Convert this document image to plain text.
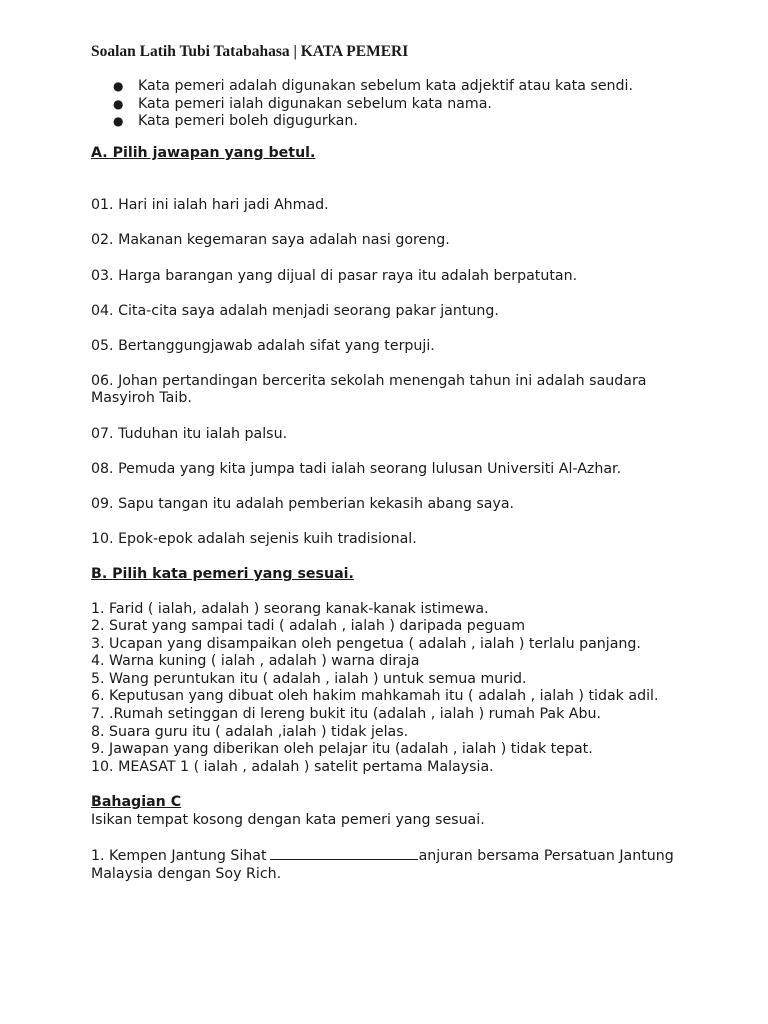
Soalan Latih Tubi Tatabahasa | KATA PEMERI
● Kata pemeri adalah digunakan sebelum kata adjektif atau kata sendi.
● Kata pemeri ialah digunakan sebelum kata nama.
● Kata pemeri boleh digugurkan.
A. Pilih jawapan yang betul.
01. Hari ini ialah hari jadi Ahmad.
02. Makanan kegemaran saya adalah nasi goreng.
03. Harga barangan yang dijual di pasar raya itu adalah berpatutan.
04. Cita-cita saya adalah menjadi seorang pakar jantung.
05. Bertanggungjawab adalah sifat yang terpuji.
06. Johan pertandingan bercerita sekolah menengah tahun ini adalah saudara Masyiroh Taib.
07. Tuduhan itu ialah palsu.
08. Pemuda yang kita jumpa tadi ialah seorang lulusan Universiti Al-Azhar.
09. Sapu tangan itu adalah pemberian kekasih abang saya.
10. Epok-epok adalah sejenis kuih tradisional.
B. Pilih kata pemeri yang sesuai.
1. Farid ( ialah, adalah ) seorang kanak-kanak istimewa.
2. Surat yang sampai tadi ( adalah , ialah ) daripada peguam
3. Ucapan yang disampaikan oleh pengetua ( adalah , ialah ) terlalu panjang.
4. Warna kuning ( ialah , adalah ) warna diraja
5. Wang peruntukan itu ( adalah , ialah ) untuk semua murid.
6. Keputusan yang dibuat oleh hakim mahkamah itu ( adalah , ialah ) tidak adil.
7. .Rumah setinggan di lereng bukit itu (adalah , ialah ) rumah Pak Abu.
8. Suara guru itu ( adalah ,ialah ) tidak jelas.
9. Jawapan yang diberikan oleh pelajar itu (adalah , ialah ) tidak tepat.
10. MEASAT 1 ( ialah , adalah ) satelit pertama Malaysia.
Bahagian C
Isikan tempat kosong dengan kata pemeri yang sesuai.
1. Kempen Jantung Sihat	anjuran bersama Persatuan Jantung Malaysia dengan Soy Rich.
